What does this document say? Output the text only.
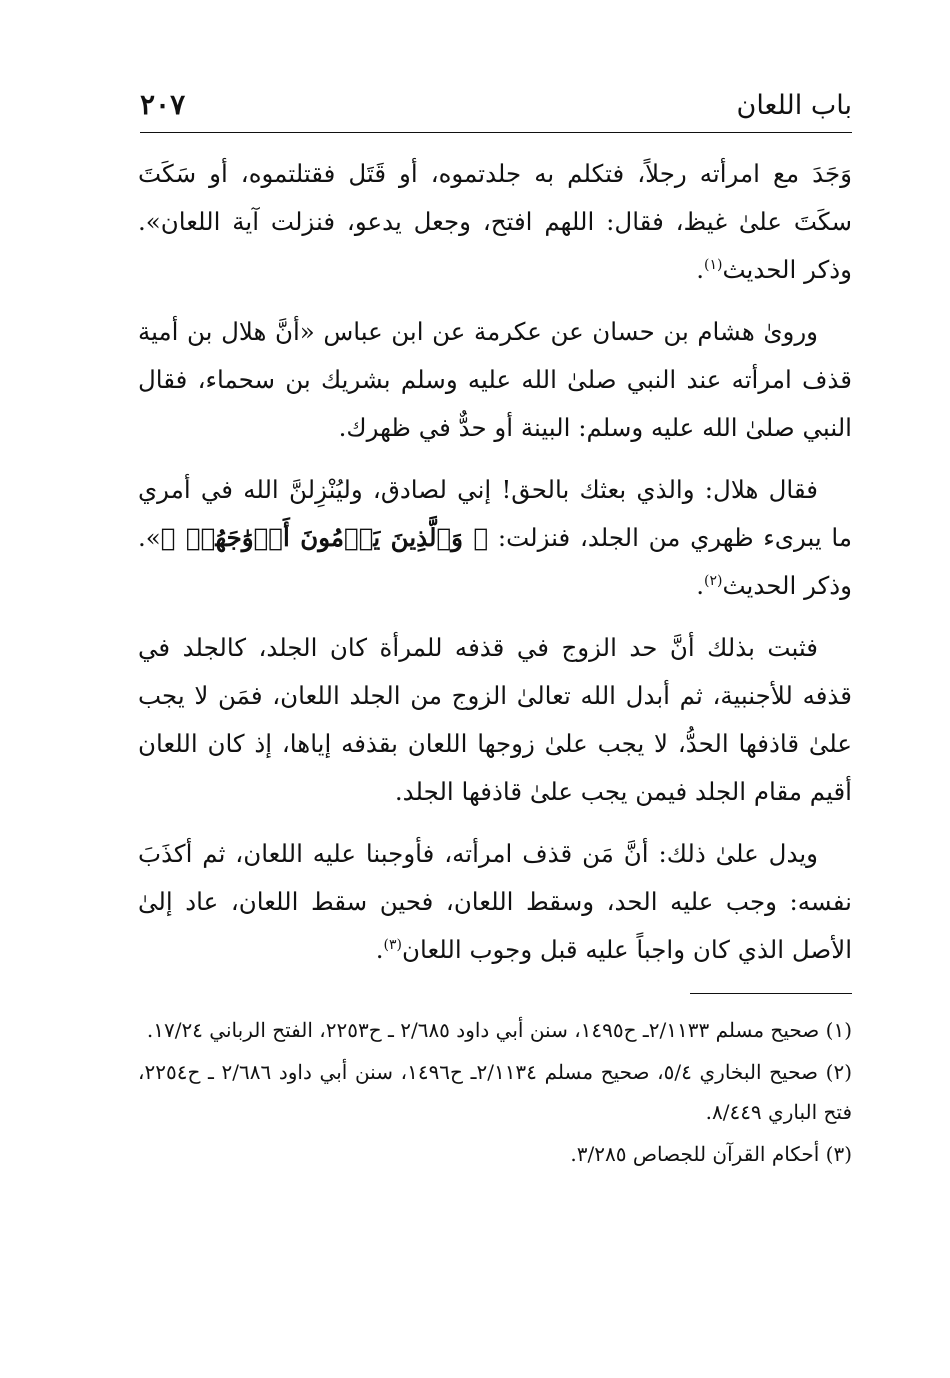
باب اللعان
٢٠٧

وَجَدَ مع امرأته رجلاً، فتكلم به جلدتموه، أو قَتَل فقتلتموه، أو سَكَتَ سكَتَ علىٰ غيظ، فقال: اللهم افتح، وجعل يدعو، فنزلت آية اللعان». وذكر الحديث$^{(١)}$.

وروىٰ هشام بن حسان عن عكرمة عن ابن عباس «أنَّ هلال بن أمية قذف امرأته عند النبي صلىٰ الله عليه وسلم بشريك بن سحماء، فقال النبي صلىٰ الله عليه وسلم: البينة أو حدٌّ في ظهرك.

فقال هلال: والذي بعثك بالحق! إني لصادق، وليُنْزِلنَّ الله في أمري ما يبرىء ظهري من الجلد، فنزلت: ﴿ وَٱلَّذِينَ يَرۡمُونَ أَزۡوَٰجَهُمۡ ﴾». وذكر الحديث$^{(٢)}$.

فثبت بذلك أنَّ حد الزوج في قذفه للمرأة كان الجلد، كالجلد في قذفه للأجنبية، ثم أبدل الله تعالىٰ الزوج من الجلد اللعان، فمَن لا يجب علىٰ قاذفها الحدُّ، لا يجب علىٰ زوجها اللعان بقذفه إياها، إذ كان اللعان أقيم مقام الجلد فيمن يجب علىٰ قاذفها الجلد.

ويدل علىٰ ذلك: أنَّ مَن قذف امرأته، فأوجبنا عليه اللعان، ثم أكذَبَ نفسه: وجب عليه الحد، وسقط اللعان، فحين سقط اللعان، عاد إلىٰ الأصل الذي كان واجباً عليه قبل وجوب اللعان$^{(٣)}$.

(١) صحيح مسلم ٢/١١٣٣ـ ح١٤٩٥، سنن أبي داود ٢/٦٨٥ ـ ح٢٢٥٣، الفتح الرباني ١٧/٢٤.

(٢) صحيح البخاري ٥/٤، صحيح مسلم ٢/١١٣٤ـ ح١٤٩٦، سنن أبي داود ٢/٦٨٦ ـ ح٢٢٥٤، فتح الباري ٨/٤٤٩.

(٣) أحكام القرآن للجصاص ٣/٢٨٥.
